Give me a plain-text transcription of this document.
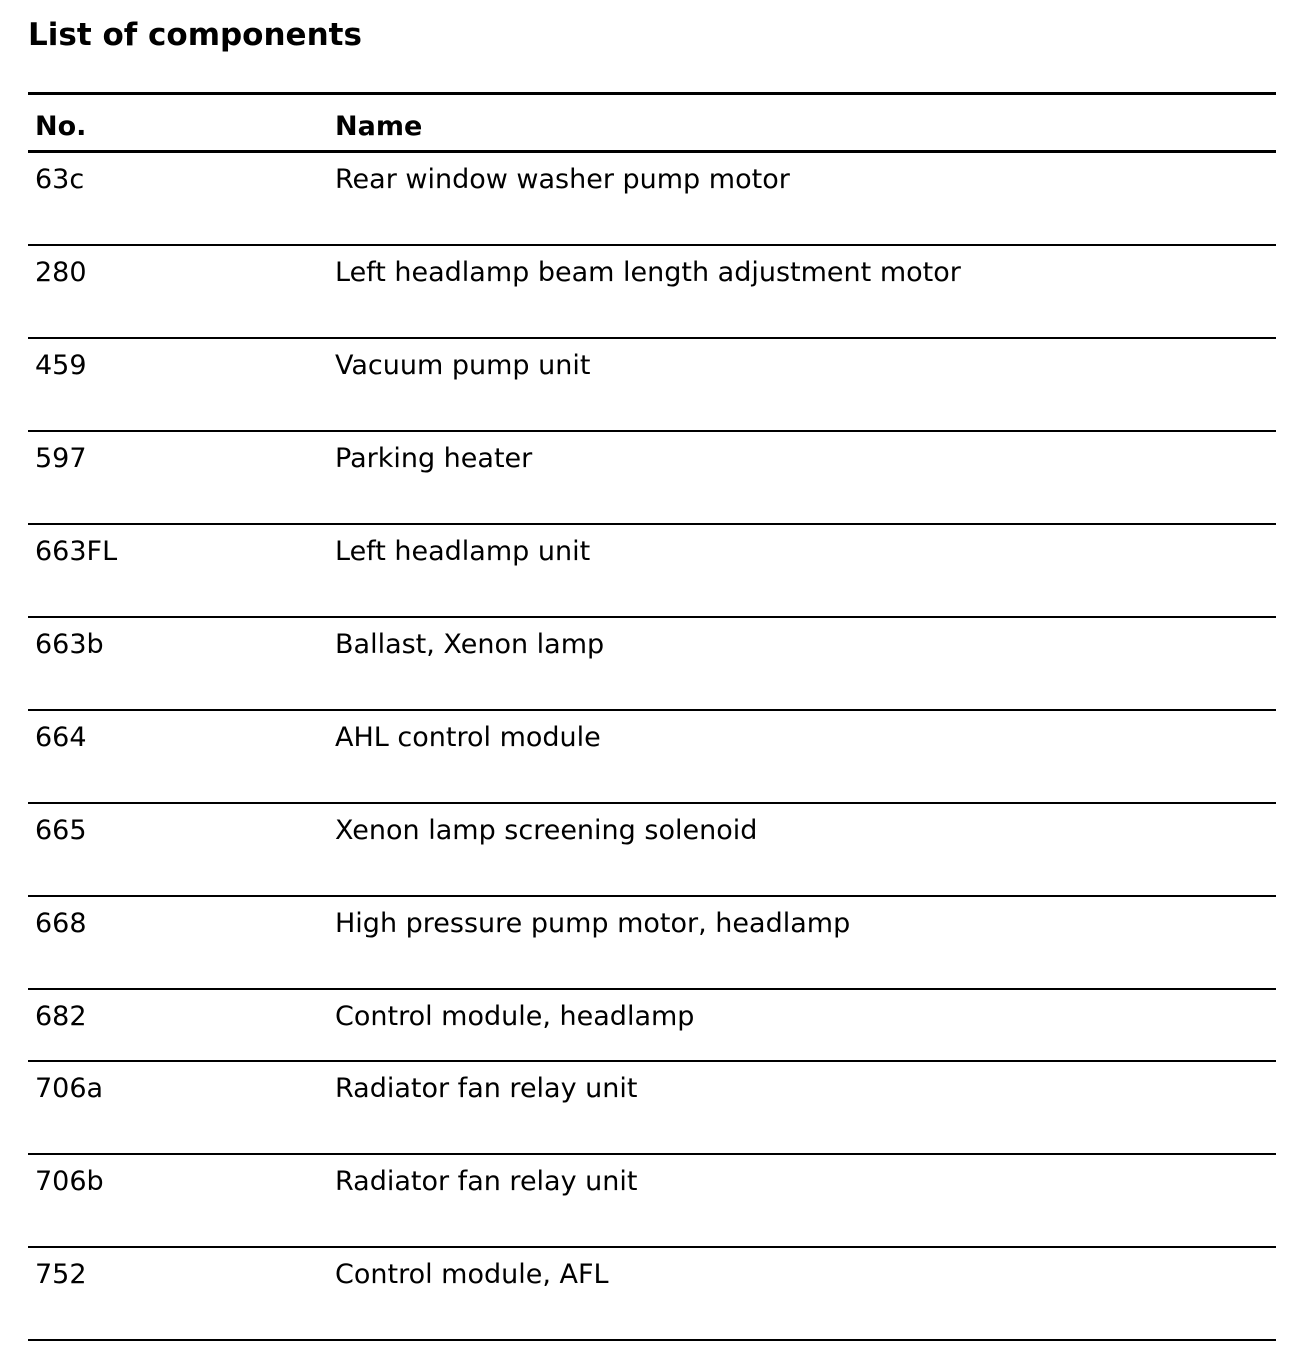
List of components
No.	Name
63c	Rear window washer pump motor
280	Left headlamp beam length adjustment motor
459	Vacuum pump unit
597	Parking heater
663FL	Left headlamp unit
663b	Ballast, Xenon lamp
664	AHL control module
665	Xenon lamp screening solenoid
668	High pressure pump motor, headlamp
682	Control module, headlamp
706a	Radiator fan relay unit
706b	Radiator fan relay unit
752	Control module, AFL
